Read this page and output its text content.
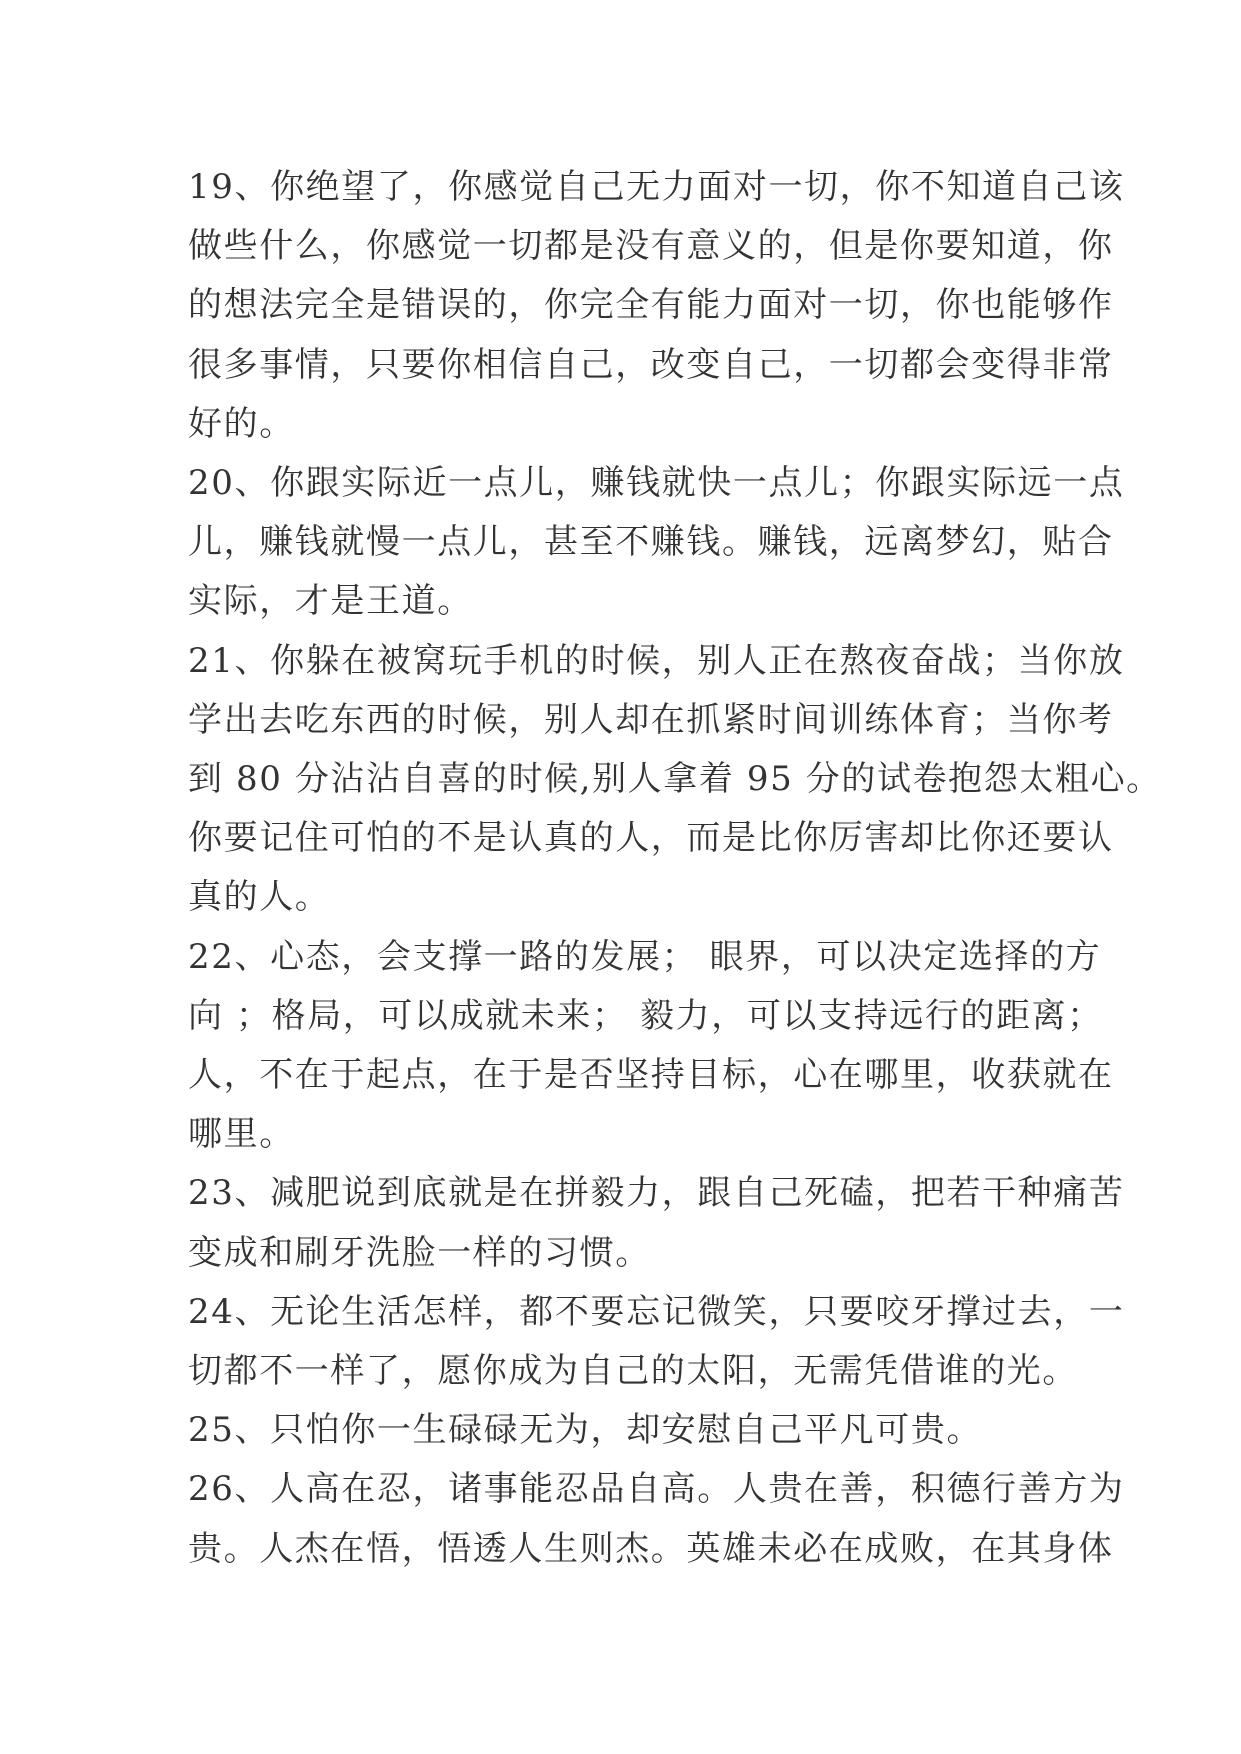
19、你绝望了，你感觉自己无力面对一切，你不知道自己该
做些什么，你感觉一切都是没有意义的，但是你要知道，你
的想法完全是错误的，你完全有能力面对一切，你也能够作
很多事情，只要你相信自己，改变自己，一切都会变得非常
好的。
20、你跟实际近一点儿，赚钱就快一点儿；你跟实际远一点
儿，赚钱就慢一点儿，甚至不赚钱。赚钱，远离梦幻，贴合
实际，才是王道。
21、你躲在被窝玩手机的时候，别人正在熬夜奋战；当你放
学出去吃东西的时候，别人却在抓紧时间训练体育；当你考
到 80 分沾沾自喜的时候,别人拿着 95 分的试卷抱怨太粗心。
你要记住可怕的不是认真的人，而是比你厉害却比你还要认
真的人。
22、心态，会支撑一路的发展； 眼界，可以决定选择的方
向 ；格局，可以成就未来； 毅力，可以支持远行的距离；
人，不在于起点，在于是否坚持目标，心在哪里，收获就在
哪里。
23、减肥说到底就是在拼毅力，跟自己死磕，把若干种痛苦
变成和刷牙洗脸一样的习惯。
24、无论生活怎样，都不要忘记微笑，只要咬牙撑过去，一
切都不一样了，愿你成为自己的太阳，无需凭借谁的光。
25、只怕你一生碌碌无为，却安慰自己平凡可贵。
26、人高在忍，诸事能忍品自高。人贵在善，积德行善方为
贵。人杰在悟，悟透人生则杰。英雄未必在成败，在其身体
